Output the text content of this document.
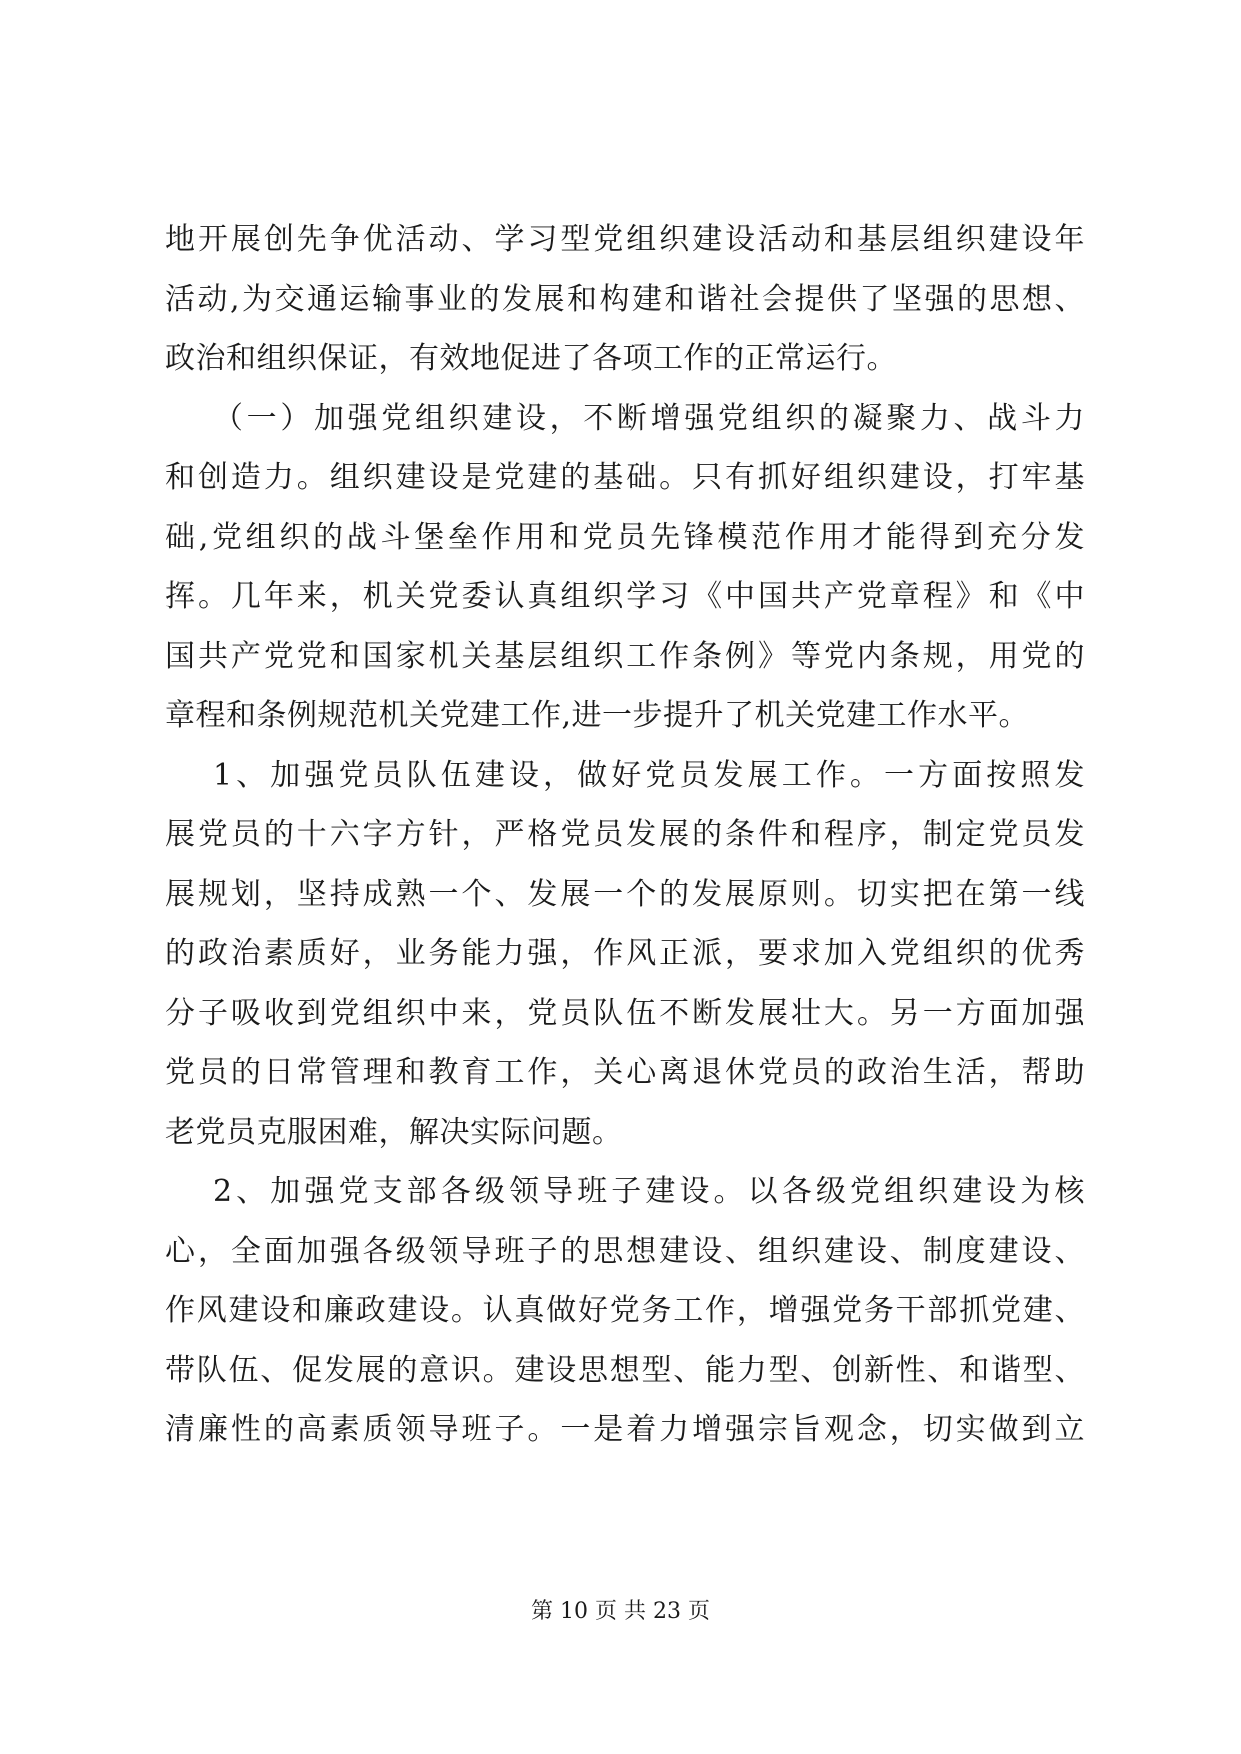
地开展创先争优活动、学习型党组织建设活动和基层组织建设年
活动,为交通运输事业的发展和构建和谐社会提供了坚强的思想、
政治和组织保证，有效地促进了各项工作的正常运行。
（一）加强党组织建设，不断增强党组织的凝聚力、战斗力
和创造力。组织建设是党建的基础。只有抓好组织建设，打牢基
础,党组织的战斗堡垒作用和党员先锋模范作用才能得到充分发
挥。几年来，机关党委认真组织学习《中国共产党章程》和《中
国共产党党和国家机关基层组织工作条例》等党内条规，用党的
章程和条例规范机关党建工作,进一步提升了机关党建工作水平。
1、加强党员队伍建设，做好党员发展工作。一方面按照发
展党员的十六字方针，严格党员发展的条件和程序，制定党员发
展规划，坚持成熟一个、发展一个的发展原则。切实把在第一线
的政治素质好，业务能力强，作风正派，要求加入党组织的优秀
分子吸收到党组织中来，党员队伍不断发展壮大。另一方面加强
党员的日常管理和教育工作，关心离退休党员的政治生活，帮助
老党员克服困难，解决实际问题。
2、加强党支部各级领导班子建设。以各级党组织建设为核
心，全面加强各级领导班子的思想建设、组织建设、制度建设、
作风建设和廉政建设。认真做好党务工作，增强党务干部抓党建、
带队伍、促发展的意识。建设思想型、能力型、创新性、和谐型、
清廉性的高素质领导班子。一是着力增强宗旨观念，切实做到立
第 10 页 共 23 页
